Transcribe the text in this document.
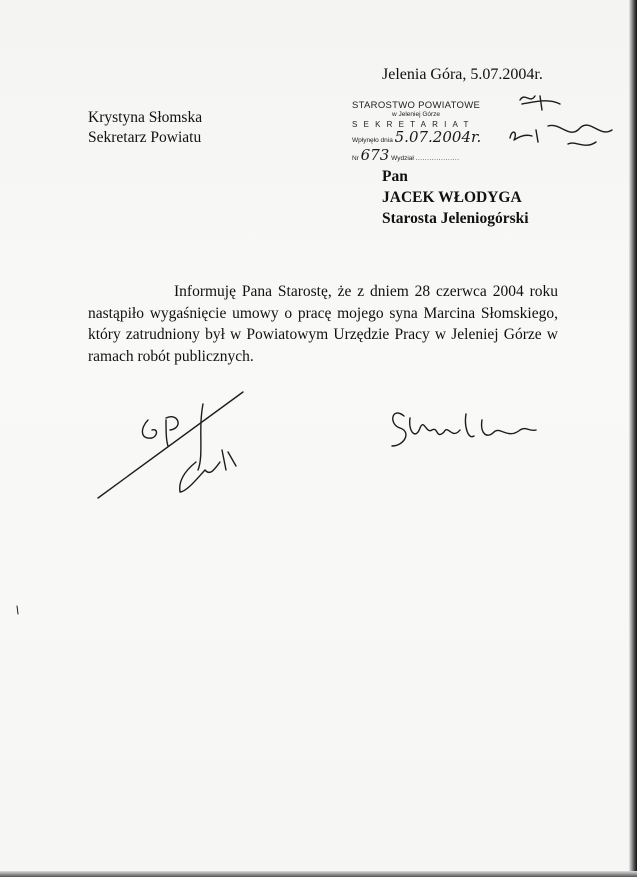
Jelenia Góra, 5.07.2004r.
Krystyna Słomska
Sekretarz Powiatu
STAROSTWO POWIATOWE
w Jeleniej Górze
SEKRETARIAT
Wpłynęło dnia 5.07.2004r.
Nr 673 Wydział ...................
Pan
JACEK WŁODYGA
Starosta Jeleniogórski
Informuję Pana Starostę, że z dniem 28 czerwca 2004 roku nastąpiło wygaśnięcie umowy o pracę mojego syna Marcina Słomskiego, który zatrudniony był w Powiatowym Urzędzie Pracy w Jeleniej Górze w ramach robót publicznych.
